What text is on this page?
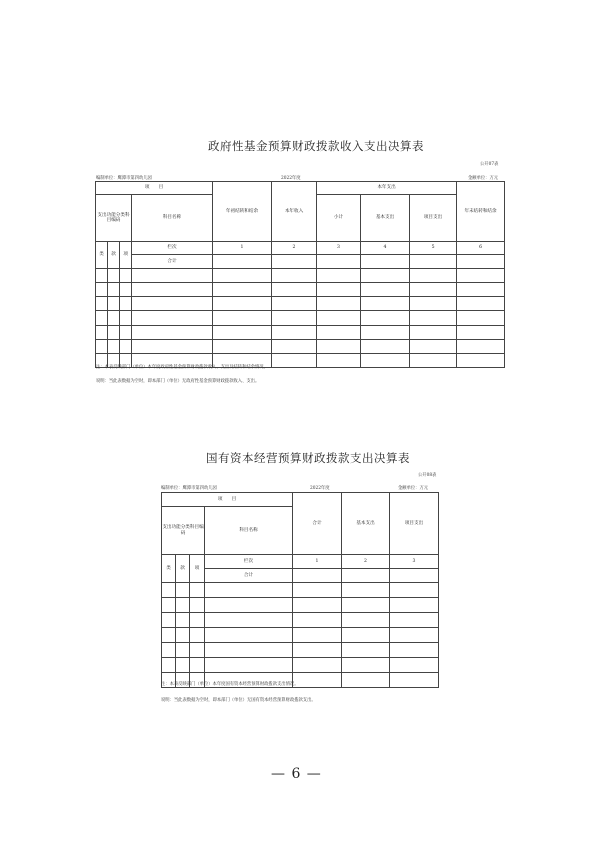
政府性基金预算财政拨款收入支出决算表
公开07表
编制单位：鹰潭市第四幼儿园	2022年度	金额单位：万元
项　　目				年初结转和结余	本年收入	本年支出			年末结转和结余
支出功能分类科目编码			科目名称			小计	基本支出	项目支出	

类	款	项	栏次	1	2	3	4	5	6
			合计						

注：本表反映部门（单位）本年度政府性基金预算财政拨款收入、支出及结转和结余情况。
说明：当此表数据为空时，即本部门（单位）无政府性基金预算财政拨款收入、支出。
国有资本经营预算财政拨款支出决算表
公开08表
编制单位：鹰潭市第四幼儿园	2022年度	金额单位：万元
项　　目				合计	基本支出	项目支出
支出功能分类科目编码			科目名称			

类	款	项	栏次	1	2	3
			合计			

注：本表反映部门（单位）本年度国有资本经营预算财政拨款支出情况。
说明：当此表数据为空时，即本部门（单位）无国有资本经营预算财政拨款支出。
— 6 —
